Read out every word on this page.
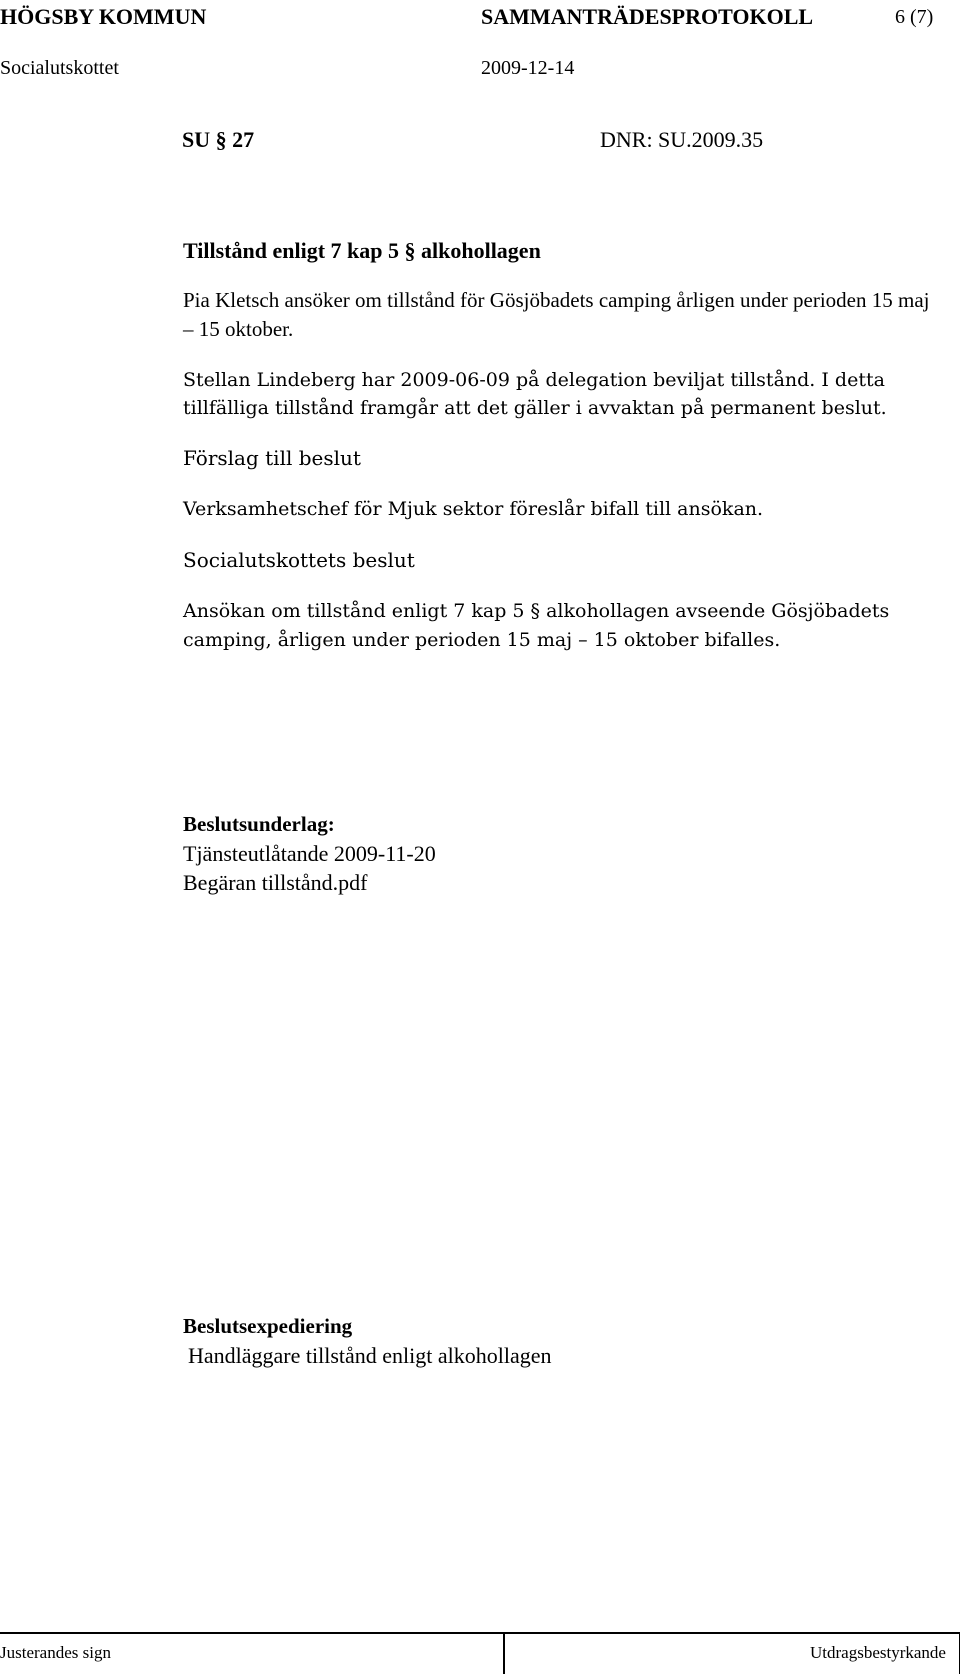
HÖGSBY KOMMUN	SAMMANTRÄDESPROTOKOLL	6 (7)
Socialutskottet	2009-12-14
SU § 27	DNR: SU.2009.35

Tillstånd enligt 7 kap 5 § alkohollagen

Pia Kletsch ansöker om tillstånd för Gösjöbadets camping årligen under perioden 15 maj – 15 oktober.

Stellan Lindeberg har 2009-06-09 på delegation beviljat tillstånd. I detta tillfälliga tillstånd framgår att det gäller i avvaktan på permanent beslut.

Förslag till beslut

Verksamhetschef för Mjuk sektor föreslår bifall till ansökan.

Socialutskottets beslut

Ansökan om tillstånd enligt 7 kap 5 § alkohollagen avseende Gösjöbadets camping, årligen under perioden 15 maj – 15 oktober bifalles.

Beslutsunderlag:

Tjänsteutlåtande 2009-11-20

Begäran tillstånd.pdf

Beslutsexpediering

Handläggare tillstånd enligt alkohollagen

Justerandes sign	Utdragsbestyrkande
